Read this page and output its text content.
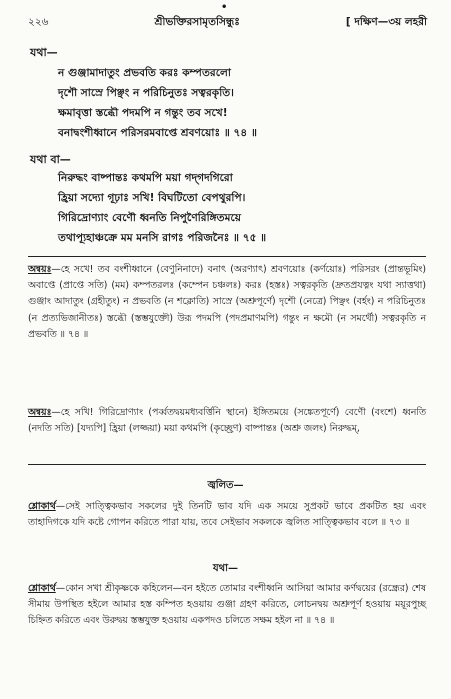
•
২২৬	শ্রীভক্তিরসামৃতসিন্ধুঃ	[ দক্ষিণ—৩য় লহরী
যথা—
ন গুঞ্জামাদাতুং প্রভবতি করঃ কম্পতরলো
দৃশৌ সাস্রে পিঞ্ছং ন পরিচিনুতঃ সত্বরকৃতি।
ক্ষমাবৃত্তা স্তব্ধৌ পদমপি ন গন্তুং তব সখে!
বনাদ্বংশীধ্বানে পরিসরমবাপ্তে শ্রবণয়োঃ ॥ ৭৪ ॥
যথা বা—
নিরুদ্ধং বাষ্পান্তঃ কথমপি ময়া গদ্‌গদগিরো
হ্রিয়া সদ্যো গূঢ়াঃ সখি! বিঘটিতো বেপথুরপি।
গিরিদ্রোণ্যাং বেণৌ ধ্বনতি নিপুণৈরিঙ্গিতময়ে
তথাপ্যূহাঞ্চক্রে মম মনসি রাগঃ পরিজনৈঃ ॥ ৭৫ ॥
অন্বয়ঃ—হে সখে! তব বংশীধ্বানে (বেণুনিনাদে) বনাৎ (অরণ্যাৎ) শ্রবণয়োঃ (কর্ণয়োঃ) পরিসরং (প্রান্তভূমিং) অবাপ্তে (প্রাপ্তে সতি) (মম) কম্পতরলঃ (কম্পেন চঞ্চলঃ) করঃ (হস্তঃ) সত্বরকৃতি (দ্রুতপ্রযত্নং যথা স্যাত্তথা) গুঞ্জাং আদাতুং (গ্রহীতুং) ন প্রভবতি (ন শক্লোতি) সাস্রে (অশ্রুপূর্ণে) দৃশৌ (নেত্রে) পিঞ্ছং (বর্হং) ন পরিচিনুতঃ (ন প্রত্যভিজানীতঃ) স্তব্ধৌ (স্তম্ভযুক্তৌ) উরূ পদমপি (পদপ্রমাণমপি) গন্তুং ন ক্ষমৌ (ন সমর্থৌ) সত্বরকৃতি ন প্রভবতি ॥ ৭৪ ॥
অন্বয়ঃ—হে সখি! গিরিদ্রোণ্যাং (পর্ব্বতদ্বয়মধ্যবর্ত্তিনি স্থানে) ইঙ্গিতময়ে (সঙ্কেতপূর্ণে) বেণৌ (বংশে) ধ্বনতি (নদতি সতি) [যদ্যপি] হ্রিয়া (লজ্জয়া) ময়া কথমপি (কৃচ্ছ্রেণ) বাষ্পান্তঃ (অশ্রু জলং) নিরুদ্ধম্,
জ্বলিত—
শ্লোকার্থ—সেই সাত্ত্বিকভাব সকলের দুই তিনটি ভাব যদি এক সময়ে সুপ্রকট ভাবে প্রকটিত হয় এবং তাহাদিগকে যদি কষ্টে গোপন করিতে পারা যায়, তবে সেইভাব সকলকে জ্বলিত সাত্ত্বিকভাব বলে ॥ ৭৩ ॥
যথা—
শ্লোকার্থ—কোন সখা শ্রীকৃষ্ণকে কহিলেন—বন হইতে তোমার বংশীধ্বনি আসিয়া আমার কর্ণদ্বয়ের (রন্ধ্রের) শেষ সীমায় উপস্থিত হইলে আমার হস্ত কম্পিত হওয়ায় গুঞ্জা গ্রহণ করিতে, লোচনদ্বয় অশ্রুপূর্ণ হওয়ায় ময়ূরপুচ্ছ চিহ্নিত করিতে এবং উরুদ্বয় স্তম্ভযুক্ত হওয়ায় একপদও চলিতে সক্ষম হইল না ॥ ৭৪ ॥
